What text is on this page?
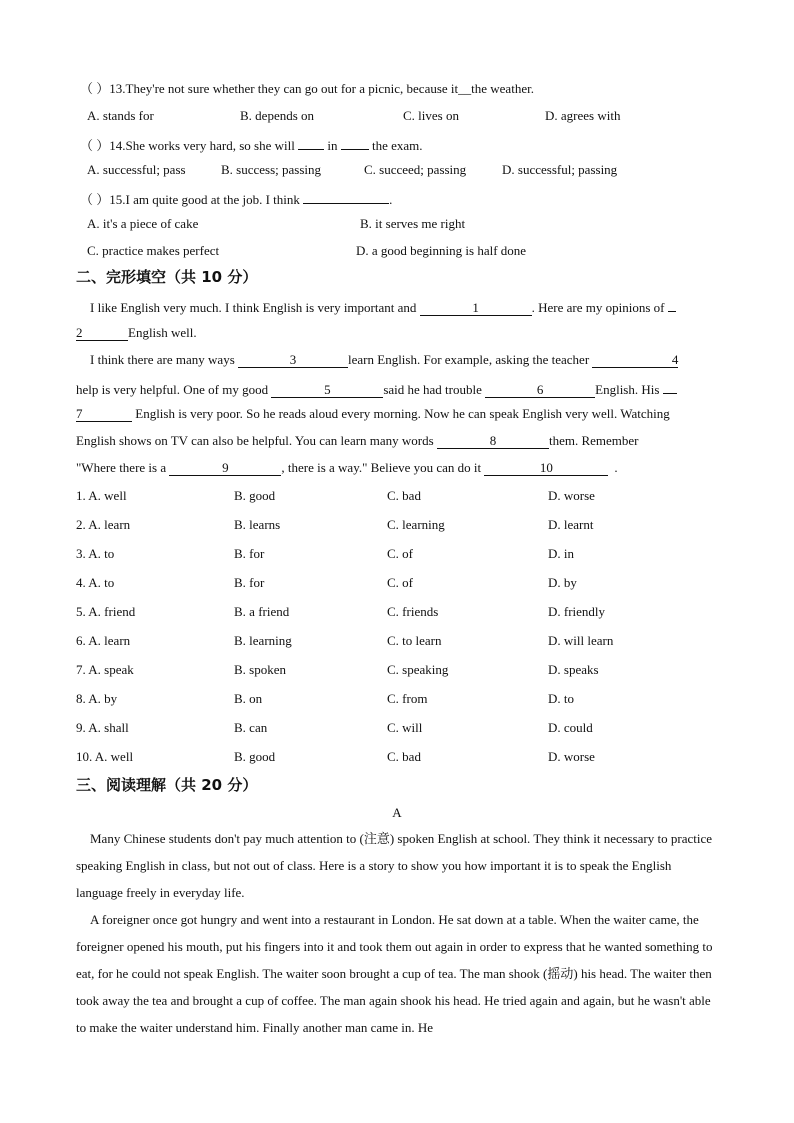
（ ）13.They're not sure whether they can go out for a picnic, because it__the weather.
A. stands for	B. depends on	C. lives on	D. agrees with
（ ）14.She works very hard, so she will  in  the exam.
A. successful; pass	B. success; passing	C. succeed; passing	D. successful; passing
（ ）15.I am quite good at the job. I think	.
A. it's a piece of cake	B. it serves me right
C. practice makes perfect	D. a good beginning is half done
二、完形填空（共 10 分）
I like English very much. I think English is very important and	1	. Here are my opinions of
2	English well.
I think there are many ways	3	learn English. For example, asking the teacher	4
help is very helpful. One of my good	5	said he had trouble	6	English. His
7	English is very poor. So he reads aloud every morning. Now he can speak English very well. Watching
English shows on TV can also be helpful. You can learn many words	8	them. Remember
"Where there is a	9	, there is a way." Believe you can do it	10	.
1. A. well	B. good	C. bad	D. worse
2. A. learn	B. learns	C. learning	D. learnt
3. A. to	B. for	C. of	D. in
4. A. to	B. for	C. of	D. by
5. A. friend	B. a friend	C. friends	D. friendly
6. A. learn	B. learning	C. to learn	D. will learn
7. A. speak	B. spoken	C. speaking	D. speaks
8. A. by	B. on	C. from	D. to
9. A. shall	B. can	C. will	D. could
10. A. well	B. good	C. bad	D. worse
三、阅读理解（共 20 分）
A
Many Chinese students don't pay much attention to (注意) spoken English at school. They think it necessary to practice speaking English in class, but not out of class. Here is a story to show you how important it is to speak the English language freely in everyday life.
A foreigner once got hungry and went into a restaurant in London. He sat down at a table. When the waiter came, the foreigner opened his mouth, put his fingers into it and took them out again in order to express that he wanted something to eat, for he could not speak English. The waiter soon brought a cup of tea. The man shook (摇动) his head. The waiter then took away the tea and brought a cup of coffee. The man again shook his head. He tried again and again, but he wasn't able to make the waiter understand him. Finally another man came in. He
